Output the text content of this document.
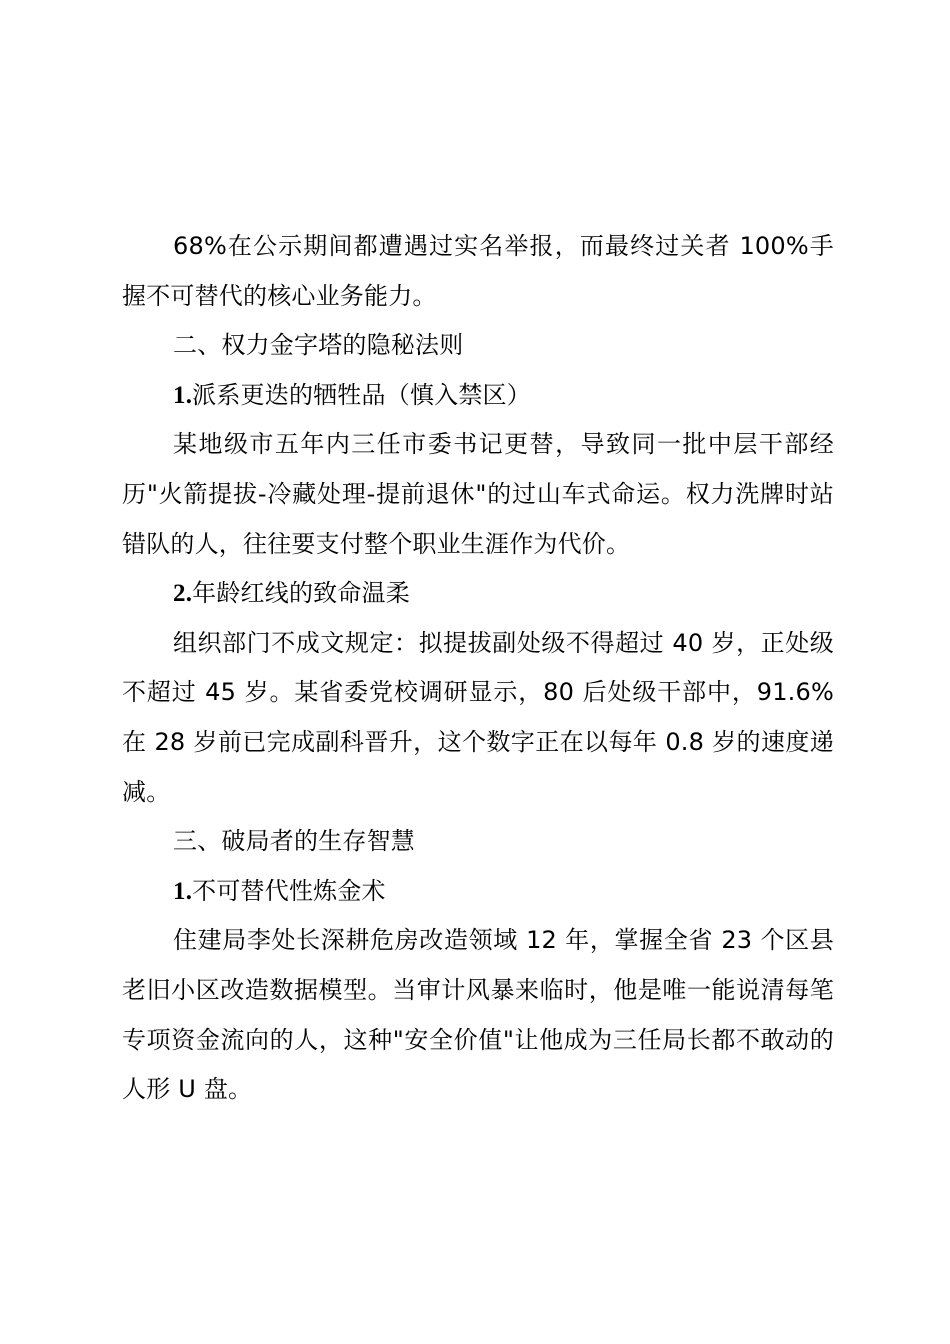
68%在公示期间都遭遇过实名举报，而最终过关者 100%手握不可替代的核心业务能力。

二、权力金字塔的隐秘法则

1.派系更迭的牺牲品（慎入禁区）

某地级市五年内三任市委书记更替，导致同一批中层干部经历"火箭提拔-冷藏处理-提前退休"的过山车式命运。权力洗牌时站错队的人，往往要支付整个职业生涯作为代价。

2.年龄红线的致命温柔

组织部门不成文规定：拟提拔副处级不得超过 40 岁，正处级不超过 45 岁。某省委党校调研显示，80 后处级干部中，91.6%在 28 岁前已完成副科晋升，这个数字正在以每年 0.8 岁的速度递减。

三、破局者的生存智慧

1.不可替代性炼金术

住建局李处长深耕危房改造领域 12 年，掌握全省 23 个区县老旧小区改造数据模型。当审计风暴来临时，他是唯一能说清每笔专项资金流向的人，这种"安全价值"让他成为三任局长都不敢动的人形 U 盘。
